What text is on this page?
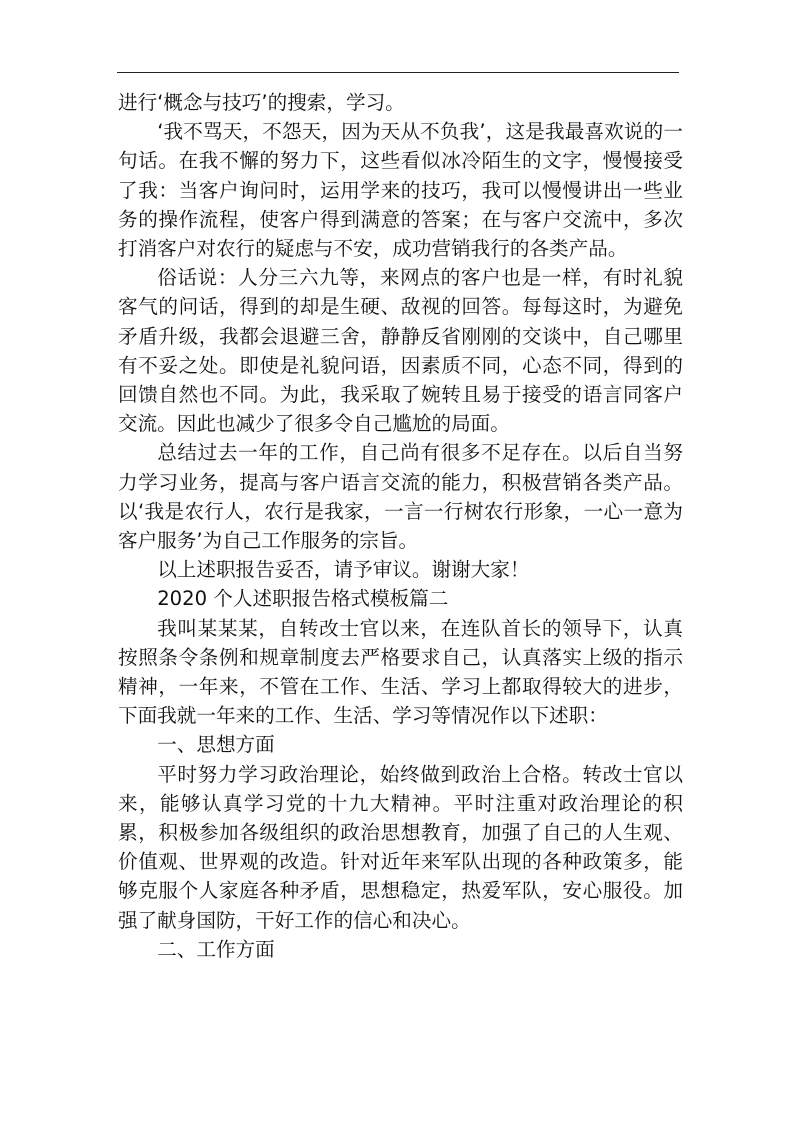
进行‘概念与技巧’的搜索，学习。

‘我不骂天，不怨天，因为天从不负我’，这是我最喜欢说的一句话。在我不懈的努力下，这些看似冰冷陌生的文字，慢慢接受了我：当客户询问时，运用学来的技巧，我可以慢慢讲出一些业务的操作流程，使客户得到满意的答案；在与客户交流中，多次打消客户对农行的疑虑与不安，成功营销我行的各类产品。

俗话说：人分三六九等，来网点的客户也是一样，有时礼貌客气的问话，得到的却是生硬、敌视的回答。每每这时，为避免矛盾升级，我都会退避三舍，静静反省刚刚的交谈中，自己哪里有不妥之处。即使是礼貌问语，因素质不同，心态不同，得到的回馈自然也不同。为此，我采取了婉转且易于接受的语言同客户交流。因此也减少了很多令自己尴尬的局面。

总结过去一年的工作，自己尚有很多不足存在。以后自当努力学习业务，提高与客户语言交流的能力，积极营销各类产品。以‘我是农行人，农行是我家，一言一行树农行形象，一心一意为客户服务’为自己工作服务的宗旨。

以上述职报告妥否，请予审议。谢谢大家！

2020 个人述职报告格式模板篇二

我叫某某某，自转改士官以来，在连队首长的领导下，认真按照条令条例和规章制度去严格要求自己，认真落实上级的指示精神，一年来，不管在工作、生活、学习上都取得较大的进步，下面我就一年来的工作、生活、学习等情况作以下述职：

一、思想方面

平时努力学习政治理论，始终做到政治上合格。转改士官以来，能够认真学习党的十九大精神。平时注重对政治理论的积累，积极参加各级组织的政治思想教育，加强了自己的人生观、价值观、世界观的改造。针对近年来军队出现的各种政策多，能够克服个人家庭各种矛盾，思想稳定，热爱军队，安心服役。加强了献身国防，干好工作的信心和决心。

二、工作方面
